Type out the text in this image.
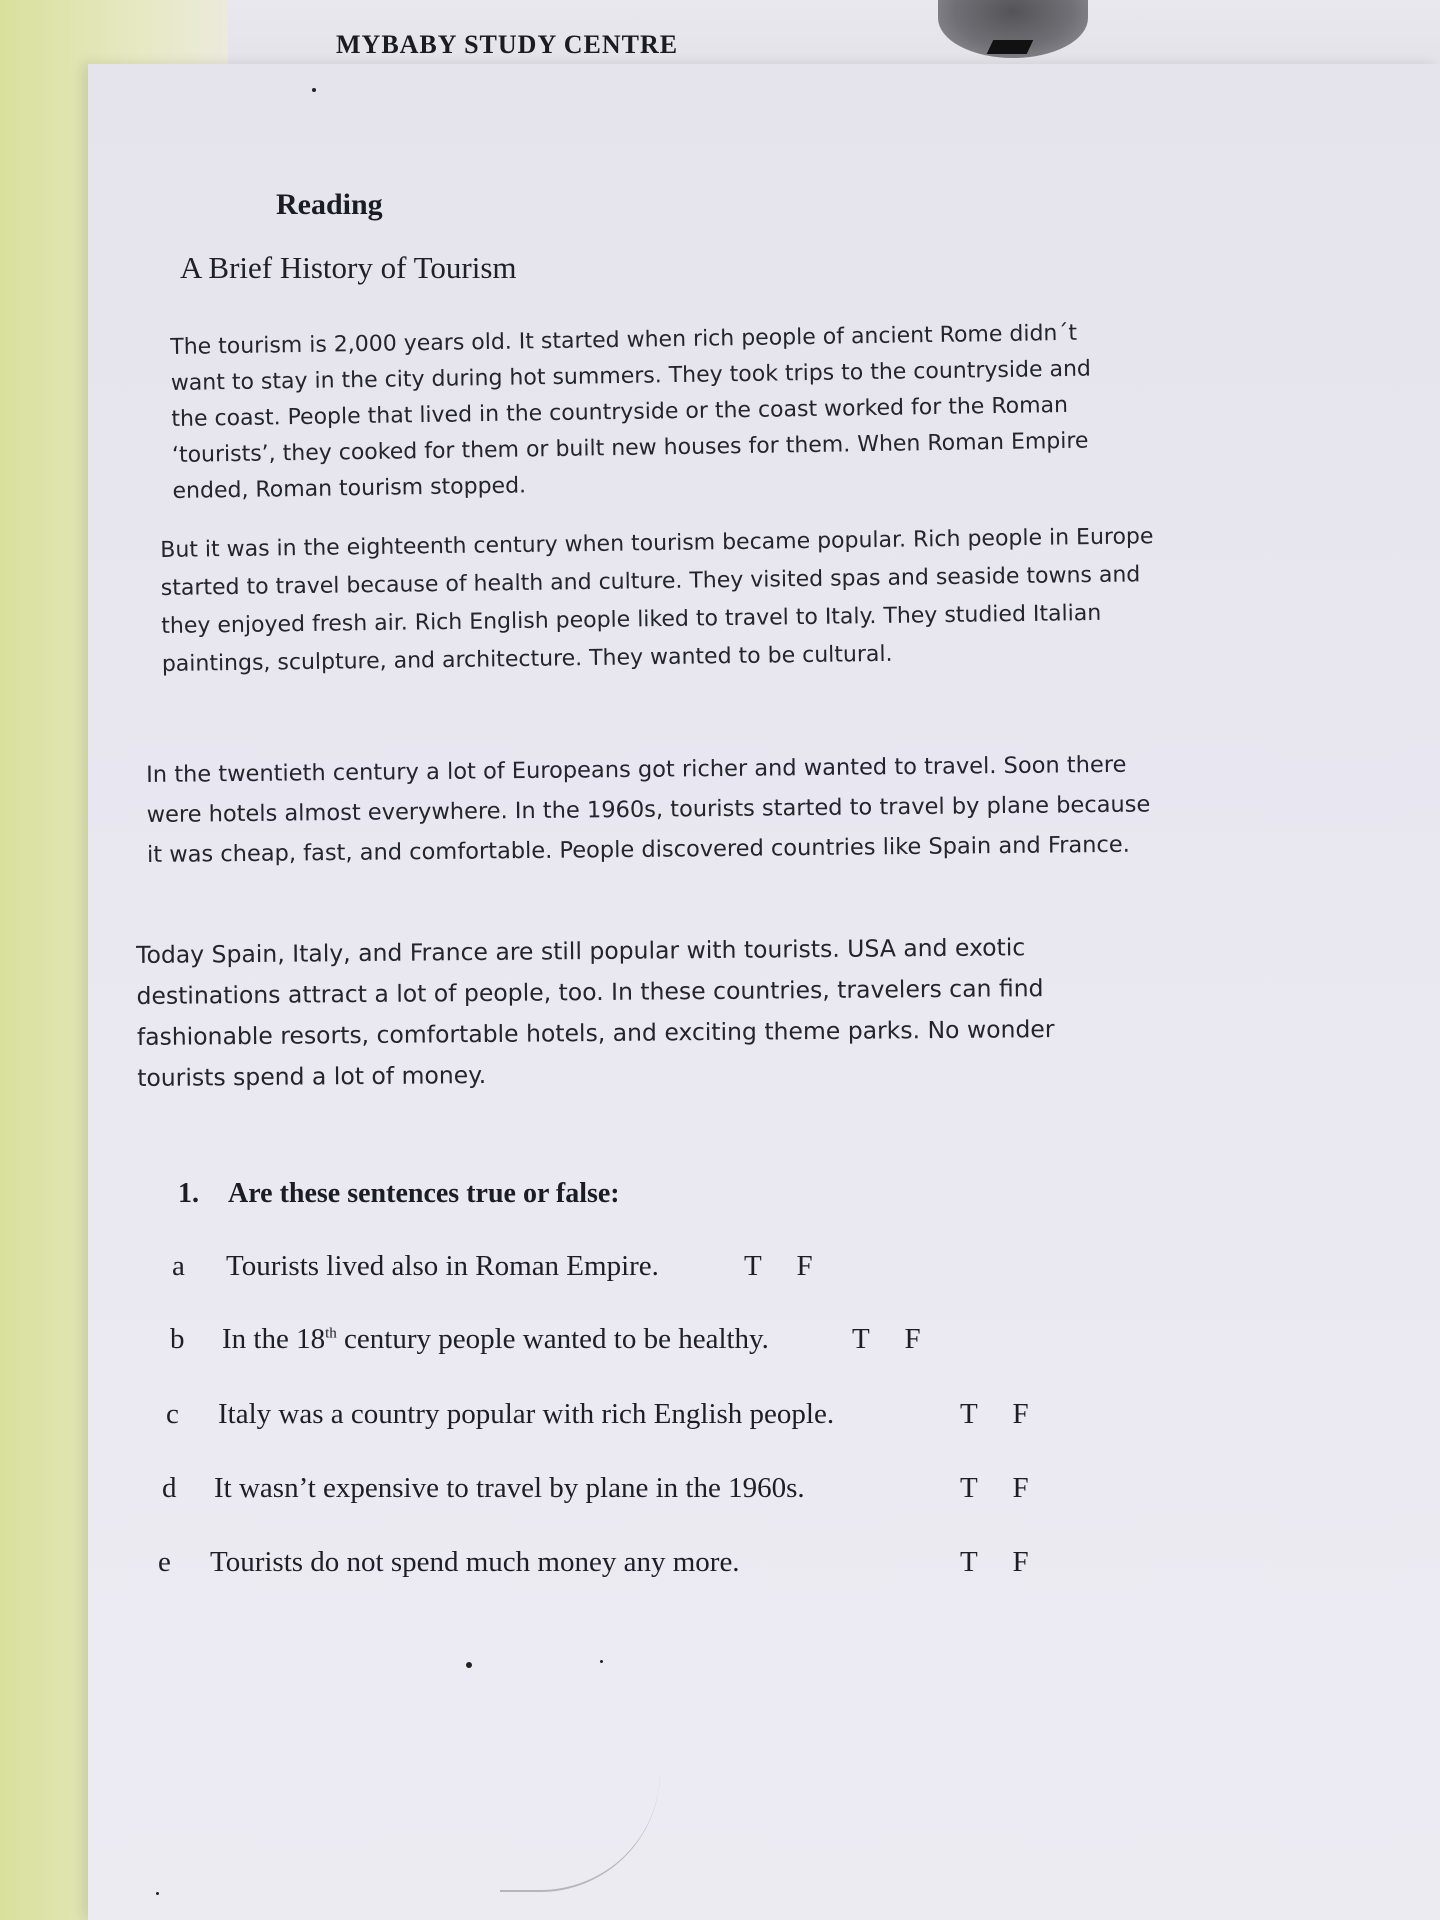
MYBABY STUDY CENTRE
Reading
A Brief History of Tourism

The tourism is 2,000 years old. It started when rich people of ancient Rome didn´t want to stay in the city during hot summers. They took trips to the countryside and the coast. People that lived in the countryside or the coast worked for the Roman ‘tourists’, they cooked for them or built new houses for them. When Roman Empire ended, Roman tourism stopped.

But it was in the eighteenth century when tourism became popular. Rich people in Europe started to travel because of health and culture. They visited spas and seaside towns and they enjoyed fresh air. Rich English people liked to travel to Italy. They studied Italian paintings, sculpture, and architecture. They wanted to be cultural.

In the twentieth century a lot of Europeans got richer and wanted to travel. Soon there were hotels almost everywhere. In the 1960s, tourists started to travel by plane because it was cheap, fast, and comfortable. People discovered countries like Spain and France.

Today Spain, Italy, and France are still popular with tourists. USA and exotic destinations attract a lot of people, too. In these countries, travelers can find fashionable resorts, comfortable hotels, and exciting theme parks. No wonder tourists spend a lot of money.

1. Are these sentences true or false:
a Tourists lived also in Roman Empire.	T F
b In the 18th century people wanted to be healthy.	T F
c Italy was a country popular with rich English people.	T F
d It wasn’t expensive to travel by plane in the 1960s.	T F
e Tourists do not spend much money any more.	T F
